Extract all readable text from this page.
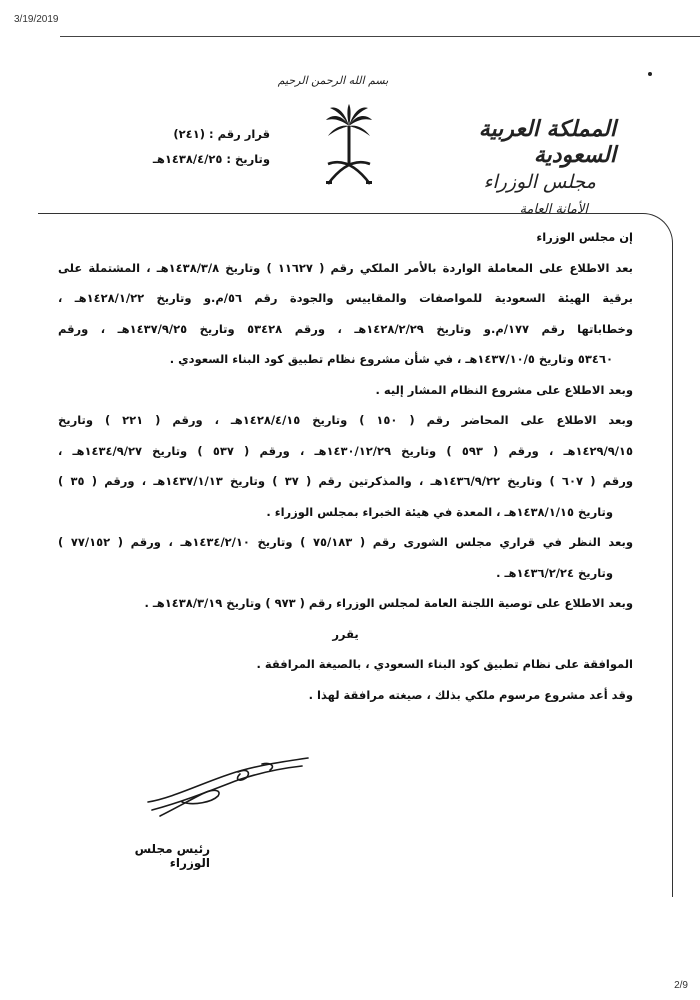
3/19/2019
بسم الله الرحمن الرحيم
المملكة العربية السعودية
مجلس الوزراء
الأمانة العامة
قرار رقم : (٢٤١)
وتاريخ : ١٤٣٨/٤/٢٥هـ
إن مجلس الوزراء
بعد الاطلاع على المعاملة الواردة بالأمر الملكي رقم ( ١١٦٢٧ ) وتاريخ ١٤٣٨/٣/٨هـ ، المشتملة على
برقية الهيئة السعودية للمواصفات والمقاييس والجودة رقم ٥٦/م.و وتاريخ ١٤٢٨/١/٢٢هـ ،
وخطاباتها رقم ١٧٧/م.و وتاريخ ١٤٢٨/٢/٢٩هـ ، ورقم ٥٣٤٢٨ وتاريخ ١٤٣٧/٩/٢٥هـ ، ورقم
٥٣٤٦٠ وتاريخ ١٤٣٧/١٠/٥هـ ، في شأن مشروع نظام تطبيق كود البناء السعودي .
وبعد الاطلاع على مشروع النظام المشار إليه .
وبعد الاطلاع على المحاضر رقم ( ١٥٠ ) وتاريخ ١٤٢٨/٤/١٥هـ ، ورقم ( ٢٢١ ) وتاريخ
١٤٢٩/٩/١٥هـ ، ورقم ( ٥٩٣ ) وتاريخ ١٤٣٠/١٢/٢٩هـ ، ورقم ( ٥٣٧ ) وتاريخ ١٤٣٤/٩/٢٧هـ ،
ورقم ( ٦٠٧ ) وتاريخ ١٤٣٦/٩/٢٢هـ ، والمذكرتين رقم ( ٣٧ ) وتاريخ ١٤٣٧/١/١٣هـ ، ورقم ( ٣٥ )
وتاريخ ١٤٣٨/١/١٥هـ ، المعدة في هيئة الخبراء بمجلس الوزراء .
وبعد النظر في قراري مجلس الشورى رقم ( ٧٥/١٨٣ ) وتاريخ ١٤٣٤/٢/١٠هـ ، ورقم ( ٧٧/١٥٢ )
وتاريخ ١٤٣٦/٢/٢٤هـ .
وبعد الاطلاع على توصية اللجنة العامة لمجلس الوزراء رقم ( ٩٧٣ ) وتاريخ ١٤٣٨/٣/١٩هـ .
يقرر
الموافقة على نظام تطبيق كود البناء السعودي ، بالصيغة المرافقة .
وقد أعد مشروع مرسوم ملكي بذلك ، صيغته مرافقة لهذا .
رئيس مجلس الوزراء
2/9
